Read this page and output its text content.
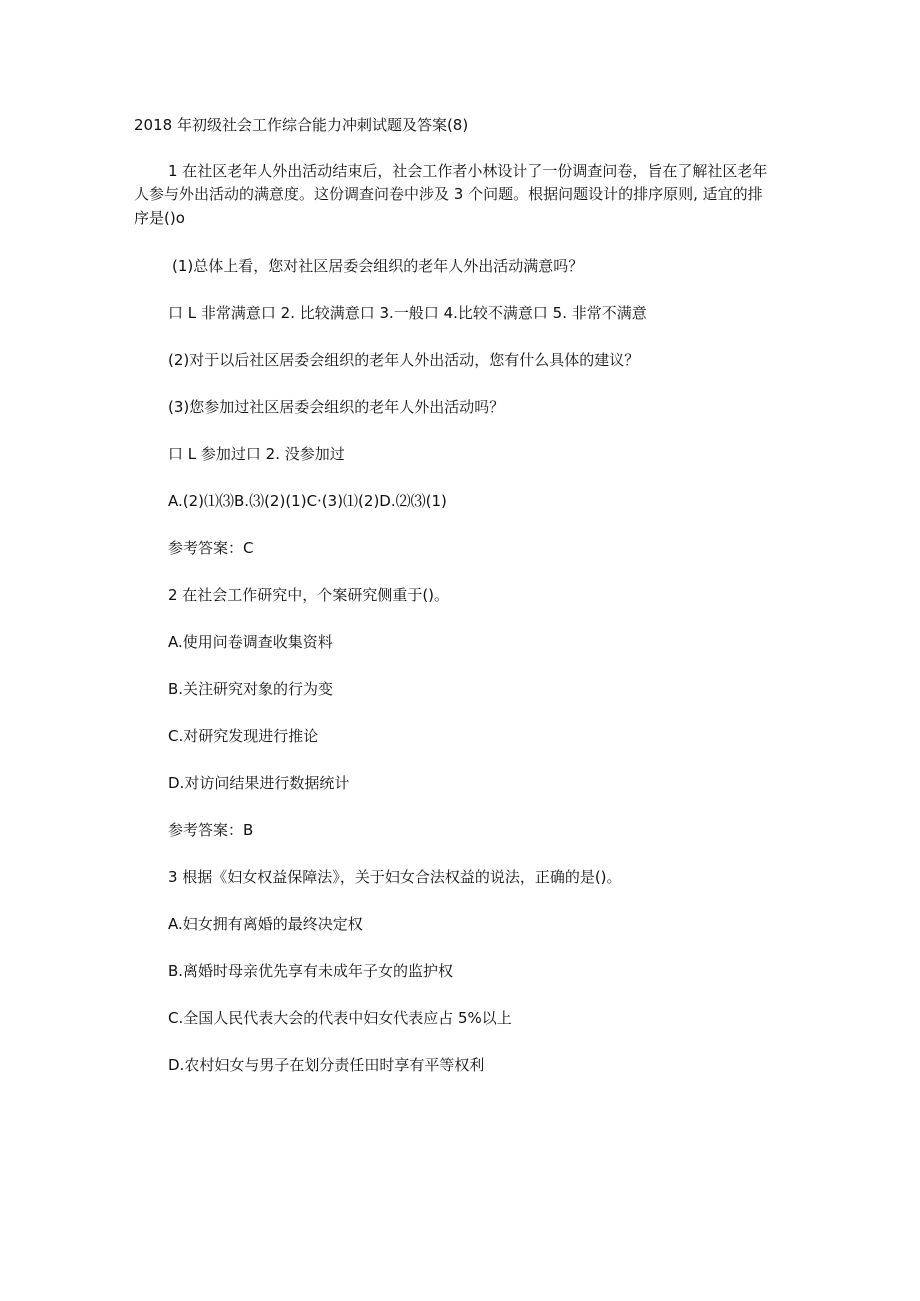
2018 年初级社会工作综合能力冲刺试题及答案(8)
1 在社区老年人外出活动结束后，社会工作者小林设计了一份调查问卷，旨在了解社区老年
人参与外出活动的满意度。这份调查问卷中涉及 3 个问题。根据问题设计的排序原则, 适宜的排
序是()o
(1)总体上看，您对社区居委会组织的老年人外出活动满意吗？
口 L 非常满意口 2. 比较满意口 3.一般口 4.比较不满意口 5. 非常不满意
(2)对于以后社区居委会组织的老年人外出活动，您有什么具体的建议？
(3)您参加过社区居委会组织的老年人外出活动吗？
口 L 参加过口 2. 没参加过
A.(2)⑴⑶B.⑶(2)(1)C·(3)⑴(2)D.⑵⑶(1)
参考答案：C
2 在社会工作研究中，个案研究侧重于()。
A.使用问卷调查收集资料
B.关注研究对象的行为变
C.对研究发现进行推论
D.对访问结果进行数据统计
参考答案：B
3 根据《妇女权益保障法》，关于妇女合法权益的说法，正确的是()。
A.妇女拥有离婚的最终决定权
B.离婚时母亲优先享有未成年子女的监护权
C.全国人民代表大会的代表中妇女代表应占 5%以上
D.农村妇女与男子在划分责任田时享有平等权利
